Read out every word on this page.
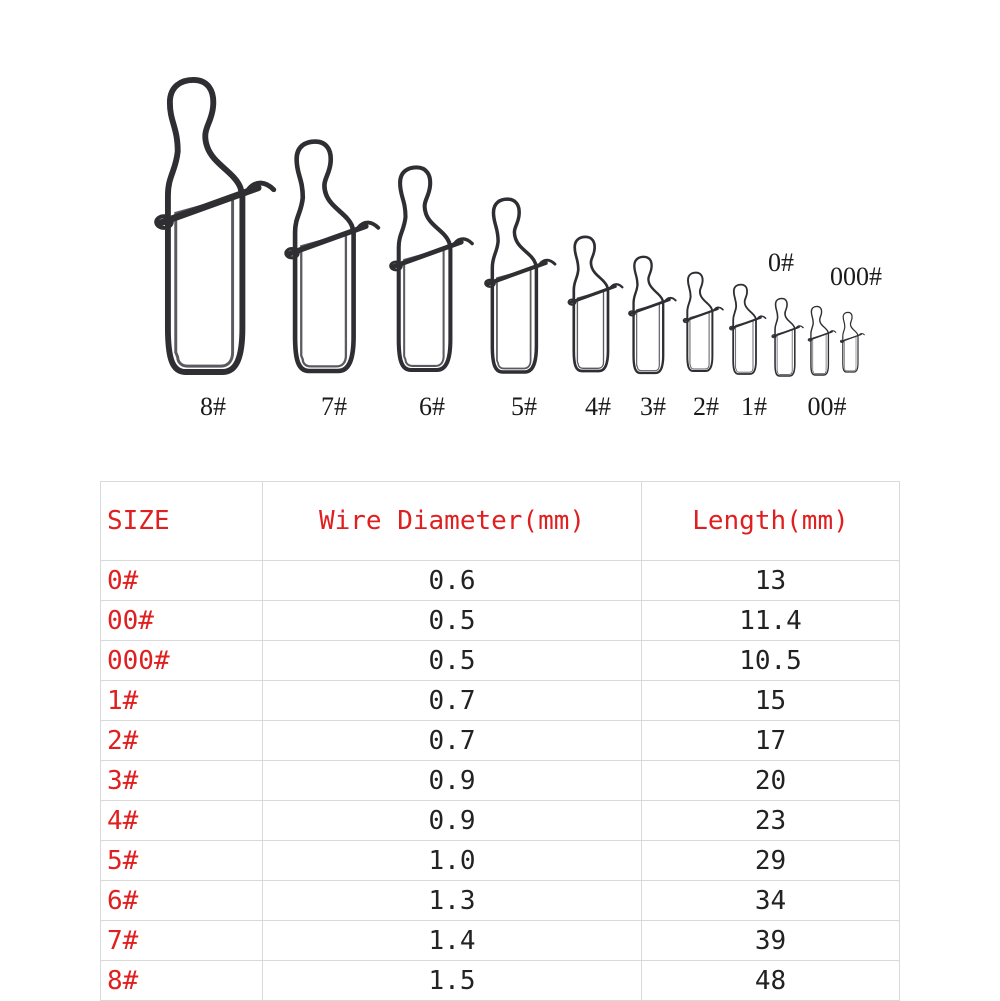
8#	7#	6#	5# 4# 3# 2# 1#
0#
00#
000#
SIZE	Wire Diameter(mm)	Length(mm)
0#	0.6	13
00#	0.5	11.4
000#	0.5	10.5
1#	0.7	15
2#	0.7	17
3#	0.9	20
4#	0.9	23
5#	1.0	29
6#	1.3	34
7#	1.4	39
8#	1.5	48
